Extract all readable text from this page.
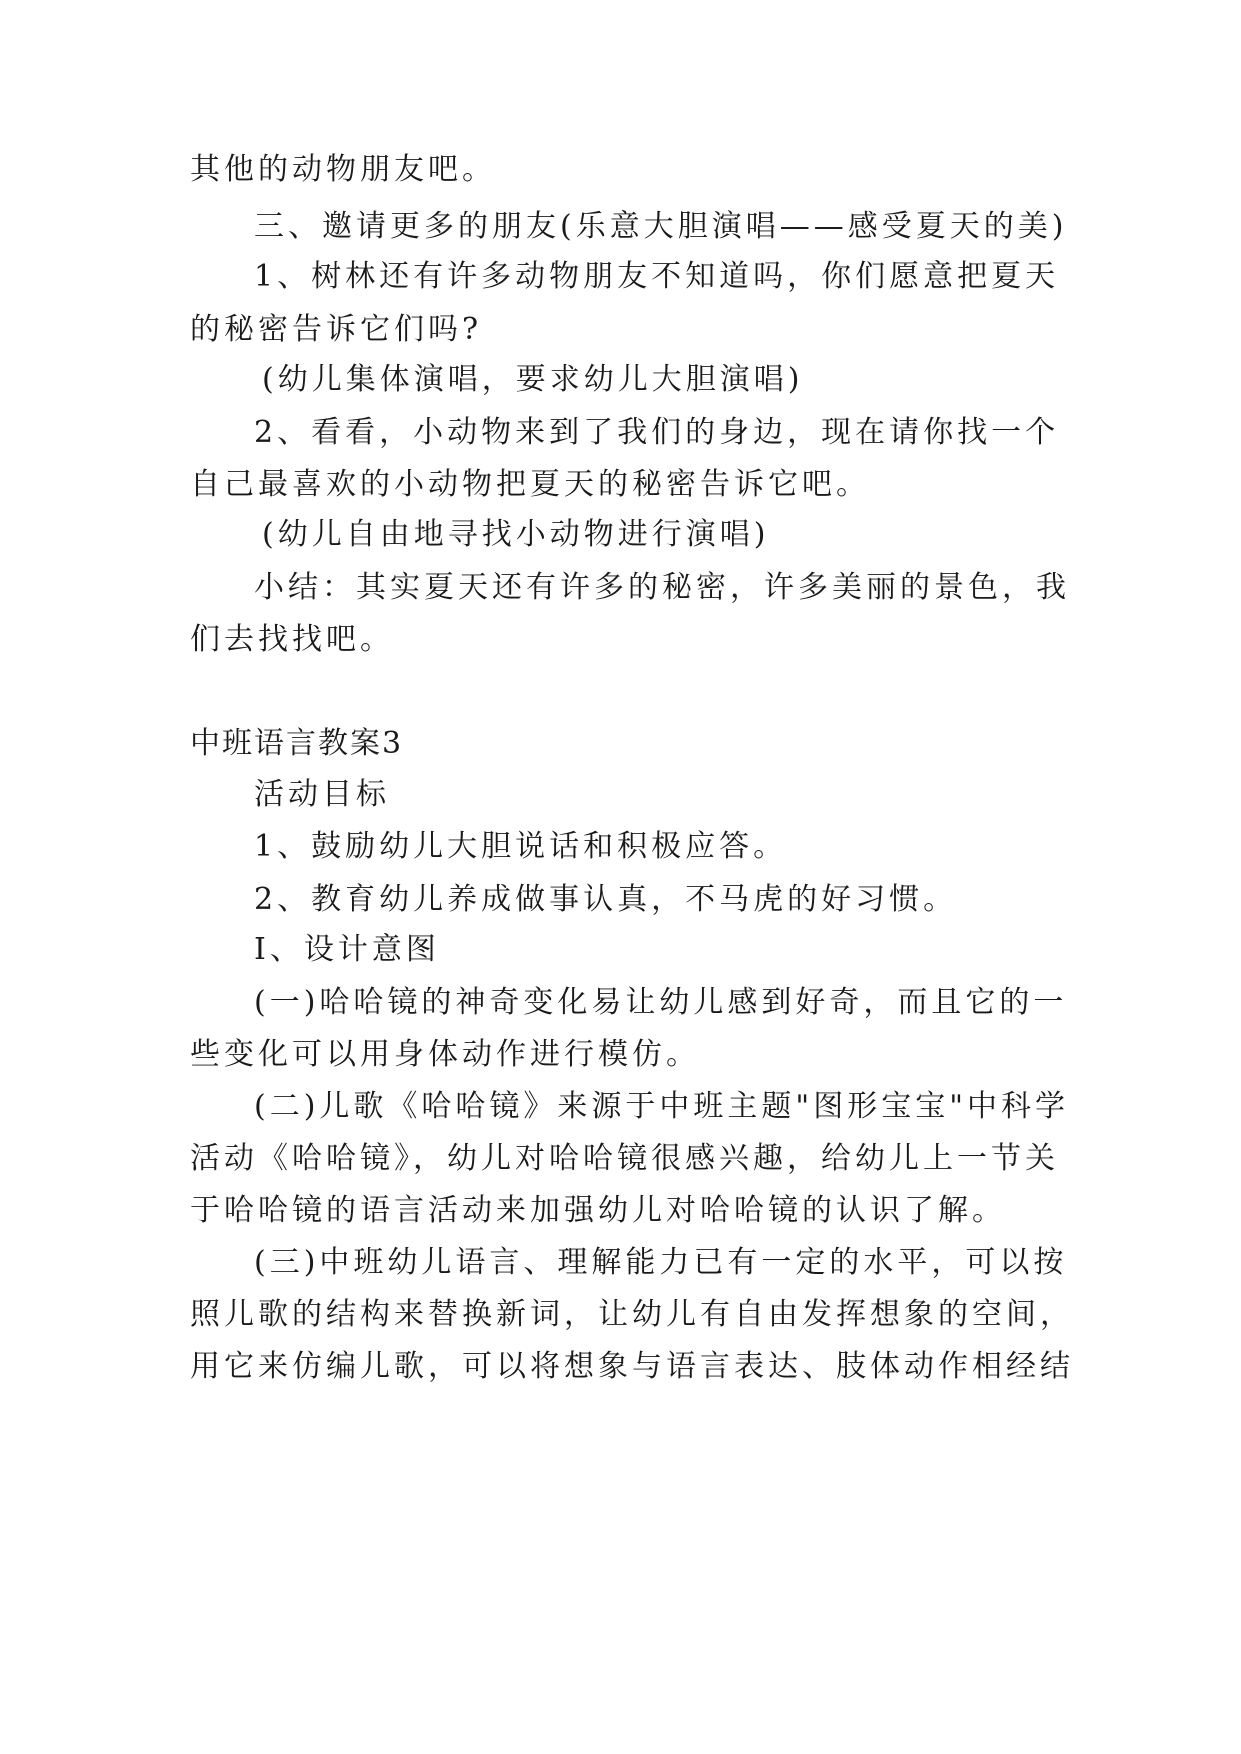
其他的动物朋友吧。
三、邀请更多的朋友(乐意大胆演唱——感受夏天的美)
1、树林还有许多动物朋友不知道吗，你们愿意把夏天
的秘密告诉它们吗?
(幼儿集体演唱，要求幼儿大胆演唱)
2、看看，小动物来到了我们的身边，现在请你找一个
自己最喜欢的小动物把夏天的秘密告诉它吧。
(幼儿自由地寻找小动物进行演唱)
小结：其实夏天还有许多的秘密，许多美丽的景色，我
们去找找吧。
中班语言教案3
活动目标
1、鼓励幼儿大胆说话和积极应答。
2、教育幼儿养成做事认真，不马虎的好习惯。
I、设计意图
(一)哈哈镜的神奇变化易让幼儿感到好奇，而且它的一
些变化可以用身体动作进行模仿。
(二)儿歌《哈哈镜》来源于中班主题"图形宝宝"中科学
活动《哈哈镜》，幼儿对哈哈镜很感兴趣，给幼儿上一节关
于哈哈镜的语言活动来加强幼儿对哈哈镜的认识了解。
(三)中班幼儿语言、理解能力已有一定的水平，可以按
照儿歌的结构来替换新词，让幼儿有自由发挥想象的空间，
用它来仿编儿歌，可以将想象与语言表达、肢体动作相经结
